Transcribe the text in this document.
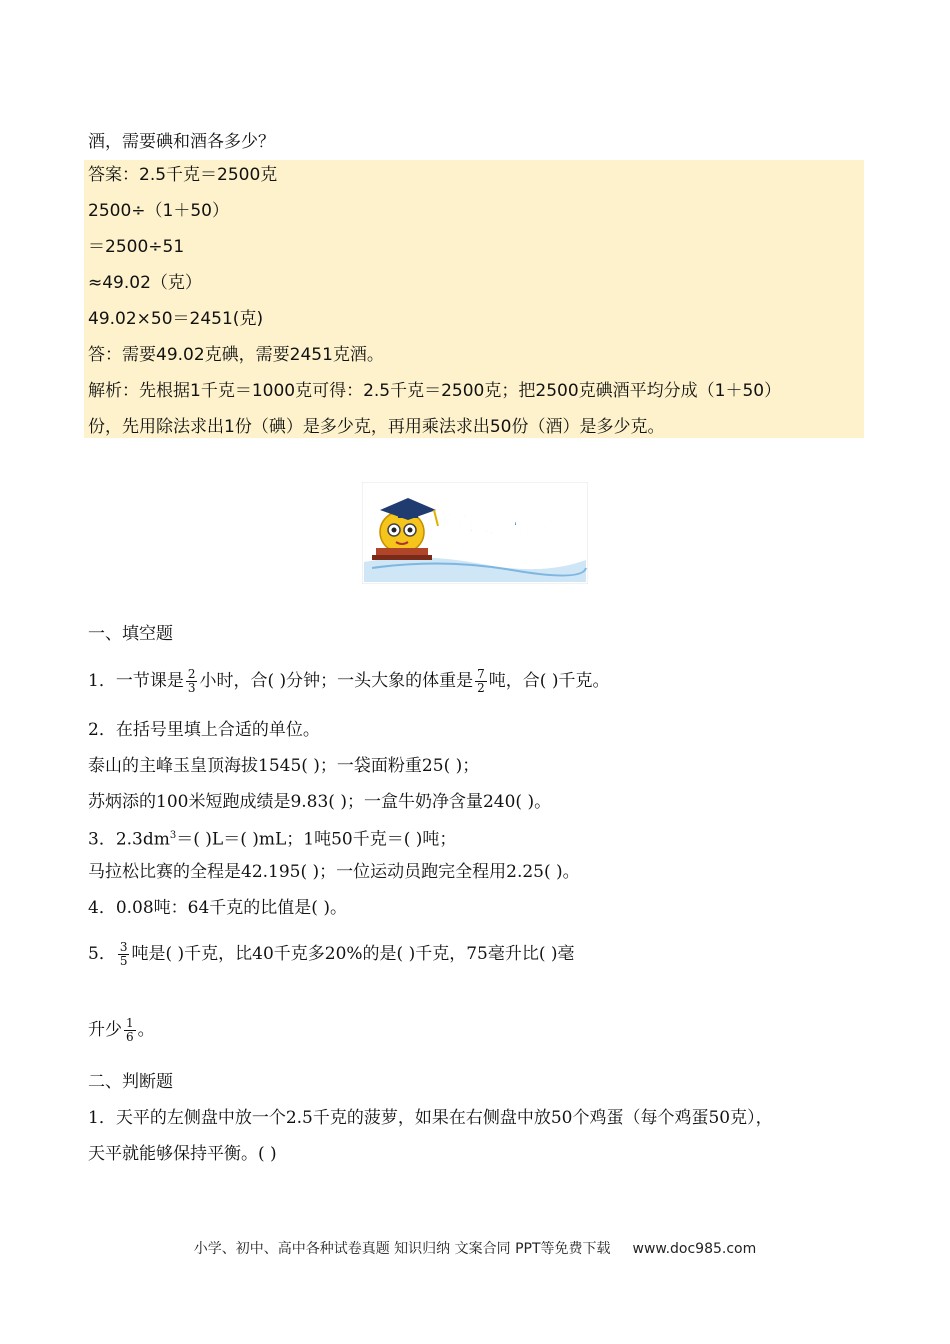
酒，需要碘和酒各多少？
答案：2.5千克＝2500克
2500÷（1＋50）
＝2500÷51
≈49.02（克）
49.02×50＝2451(克)
答：需要49.02克碘，需要2451克酒。
解析：先根据1千克＝1000克可得：2.5千克＝2500克；把2500克碘酒平均分成（1＋50）
份，先用除法求出1份（碘）是多少克，再用乘法求出50份（酒）是多少克。
知识点精练
一、填空题
1．一节课是 $\frac{2}{3}$ 小时，合( )分钟；一头大象的体重是 $\frac{7}{2}$ 吨，合( )千克。
2．在括号里填上合适的单位。
泰山的主峰玉皇顶海拔1545( )；一袋面粉重25( )；
苏炳添的100米短跑成绩是9.83( )；一盒牛奶净含量240( )。
3．$2.3dm^3=$( )L＝( )mL；1吨50千克＝( )吨；
马拉松比赛的全程是42.195( )；一位运动员跑完全程用2.25( )。
4．0.08吨：64千克的比值是( )。
5． $\frac{3}{5}$ 吨是( )千克，比40千克多20%的是( )千克，75毫升比( )毫
升少 $\frac{1}{6}$ 。
二、判断题
1．天平的左侧盘中放一个2.5千克的菠萝，如果在右侧盘中放50个鸡蛋（每个鸡蛋50克），
天平就能够保持平衡。( )
小学、初中、高中各种试卷真题 知识归纳 文案合同 PPT等免费下载 www.doc985.com
